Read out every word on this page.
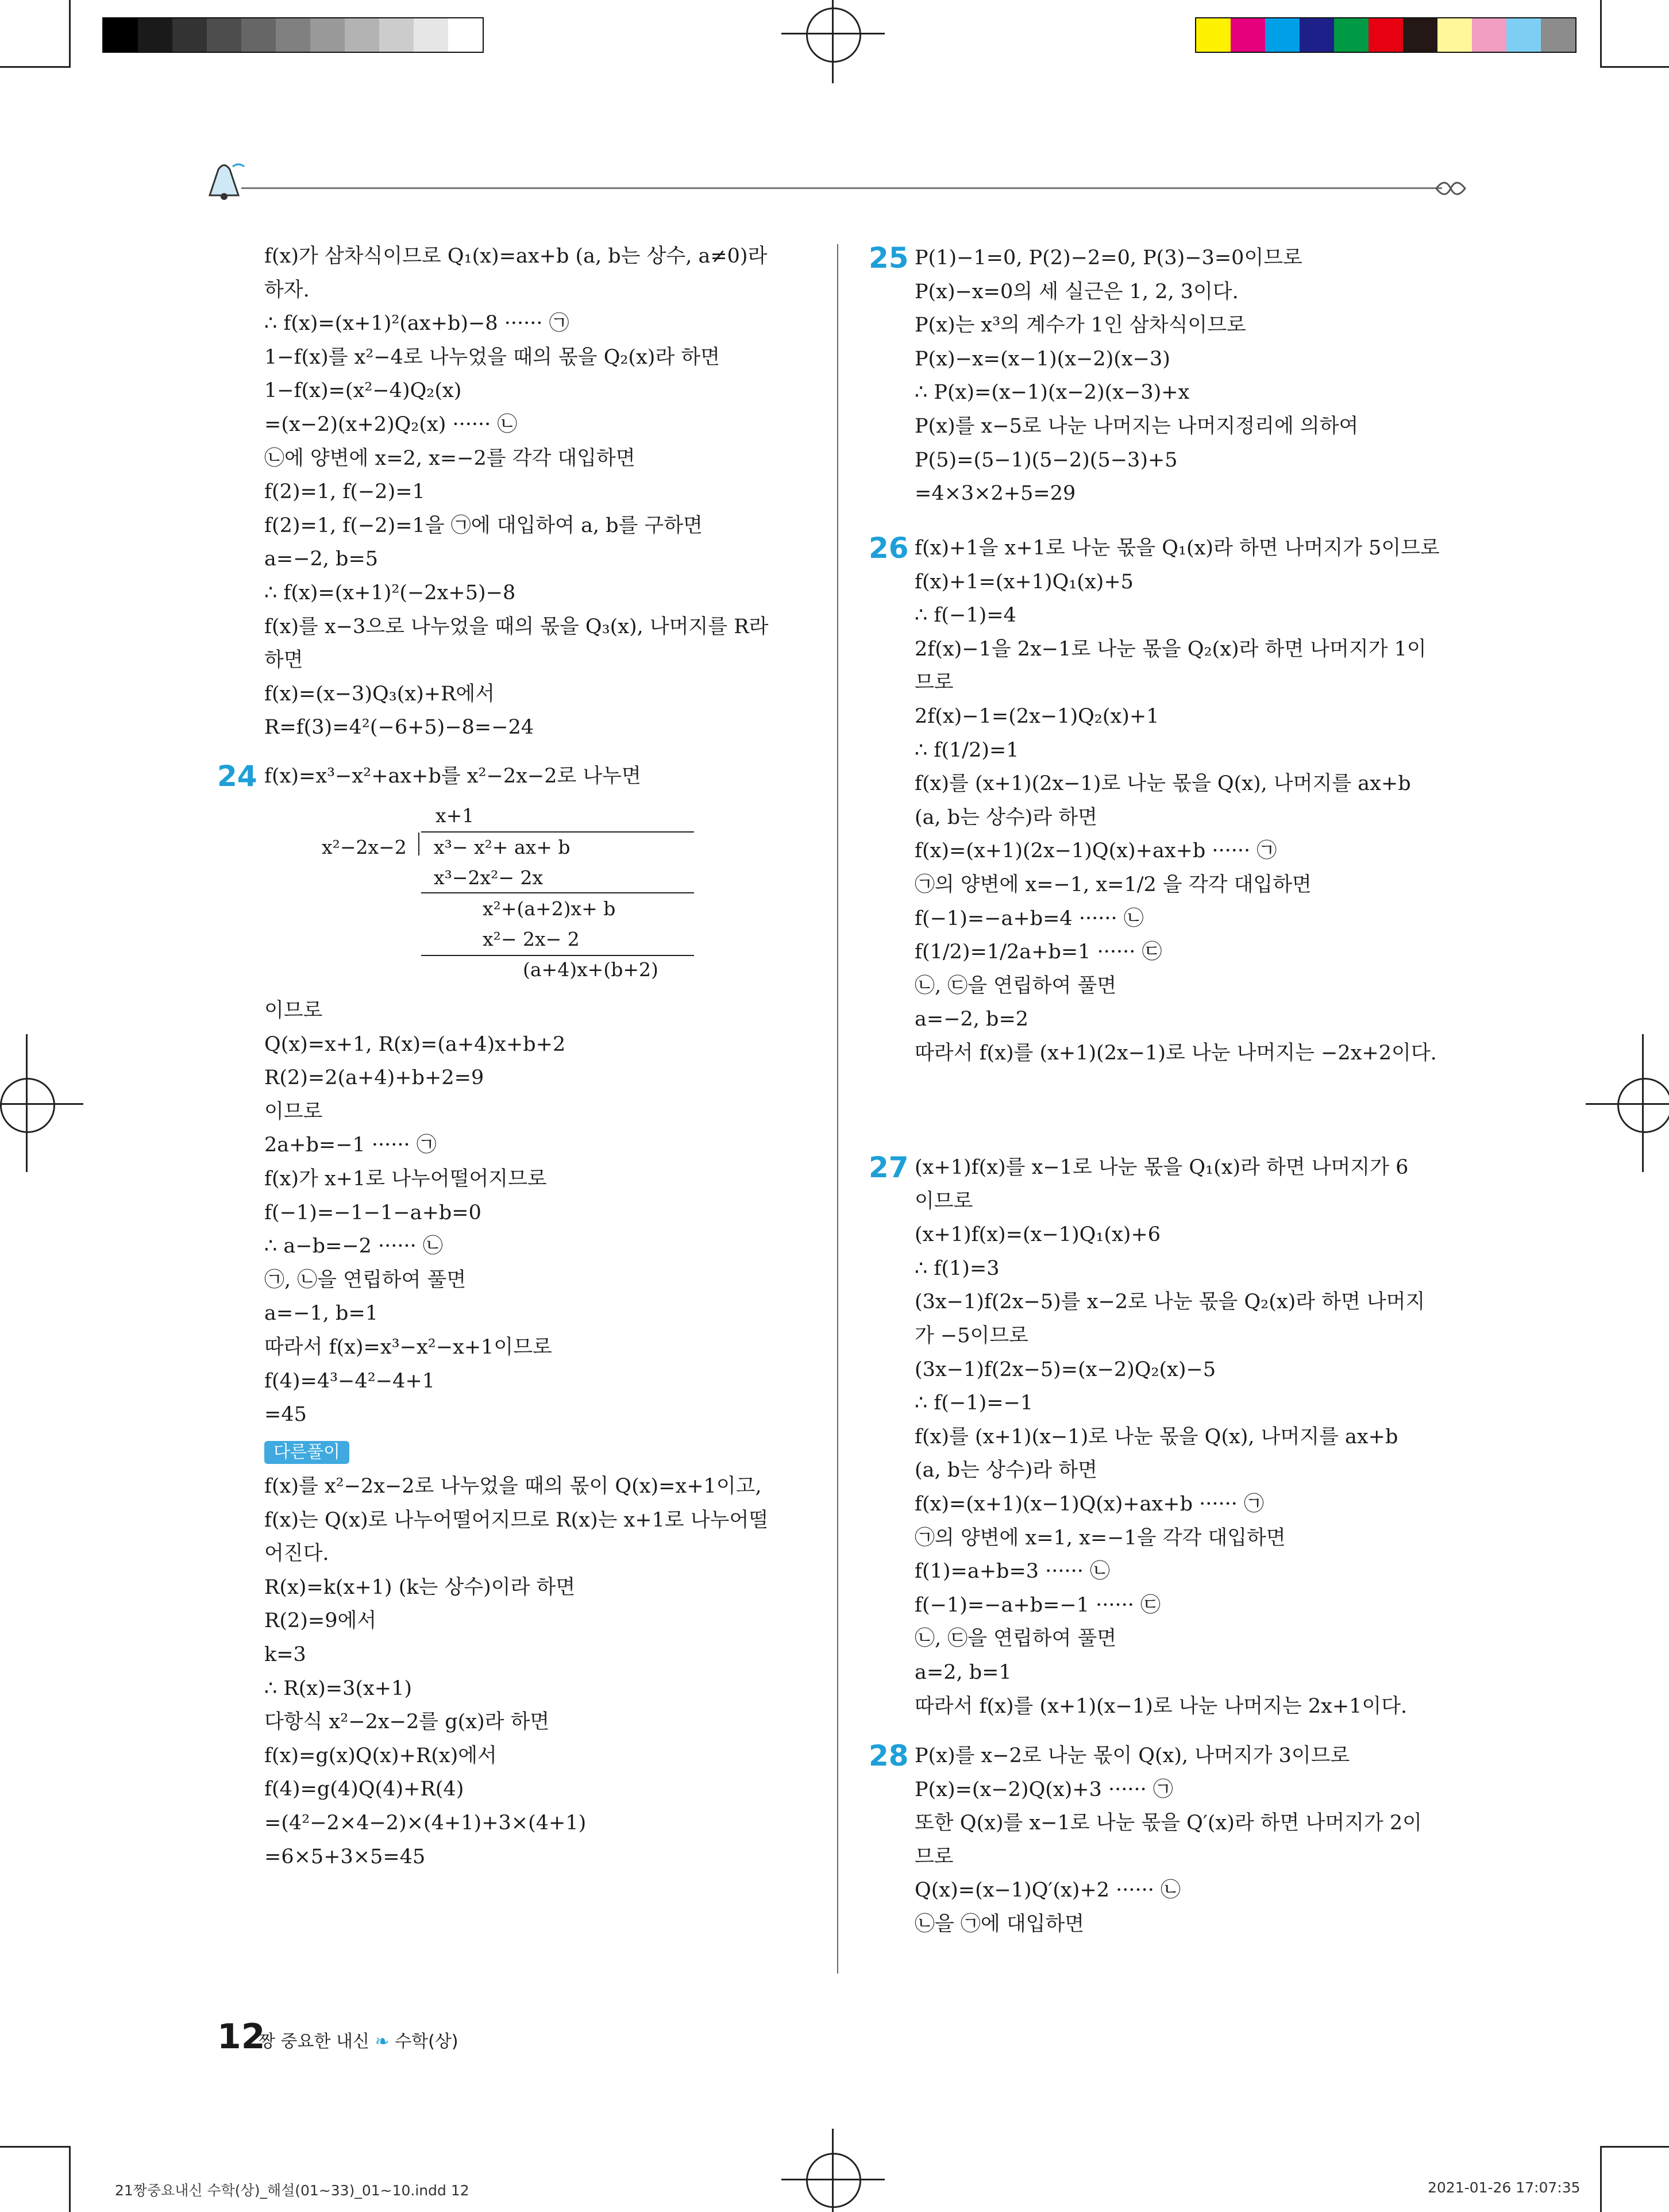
f(x)가 삼차식이므로 Q₁(x)=ax+b (a, b는 상수, a≠0)라
하자.
∴ f(x)=(x+1)²(ax+b)−8 ······ ㉠
1−f(x)를 x²−4로 나누었을 때의 몫을 Q₂(x)라 하면
1−f(x)=(x²−4)Q₂(x)
=(x−2)(x+2)Q₂(x) ······ ㉡
㉡에 양변에 x=2, x=−2를 각각 대입하면
f(2)=1, f(−2)=1
f(2)=1, f(−2)=1을 ㉠에 대입하여 a, b를 구하면
a=−2, b=5
∴ f(x)=(x+1)²(−2x+5)−8
f(x)를 x−3으로 나누었을 때의 몫을 Q₃(x), 나머지를 R라
하면
f(x)=(x−3)Q₃(x)+R에서
R=f(3)=4²(−6+5)−8=−24
24 f(x)=x³−x²+ax+b를 x²−2x−2로 나누면
x+1
x²−2x−2 x³− x²+ ax+ b
x³−2x²− 2x
x²+(a+2)x+ b
x²− 2x− 2
(a+4)x+(b+2)
이므로
Q(x)=x+1, R(x)=(a+4)x+b+2
R(2)=2(a+4)+b+2=9
이므로
2a+b=−1 ······ ㉠
f(x)가 x+1로 나누어떨어지므로
f(−1)=−1−1−a+b=0
∴ a−b=−2 ······ ㉡
㉠, ㉡을 연립하여 풀면
a=−1, b=1
따라서 f(x)=x³−x²−x+1이므로
f(4)=4³−4²−4+1
=45
다른풀이
f(x)를 x²−2x−2로 나누었을 때의 몫이 Q(x)=x+1이고,
f(x)는 Q(x)로 나누어떨어지므로 R(x)는 x+1로 나누어떨
어진다.
R(x)=k(x+1) (k는 상수)이라 하면
R(2)=9에서
k=3
∴ R(x)=3(x+1)
다항식 x²−2x−2를 g(x)라 하면
f(x)=g(x)Q(x)+R(x)에서
f(4)=g(4)Q(4)+R(4)
=(4²−2×4−2)×(4+1)+3×(4+1)
=6×5+3×5=45
25 P(1)−1=0, P(2)−2=0, P(3)−3=0이므로
P(x)−x=0의 세 실근은 1, 2, 3이다.
P(x)는 x³의 계수가 1인 삼차식이므로
P(x)−x=(x−1)(x−2)(x−3)
∴ P(x)=(x−1)(x−2)(x−3)+x
P(x)를 x−5로 나눈 나머지는 나머지정리에 의하여
P(5)=(5−1)(5−2)(5−3)+5
=4×3×2+5=29
26 f(x)+1을 x+1로 나눈 몫을 Q₁(x)라 하면 나머지가 5이므로
f(x)+1=(x+1)Q₁(x)+5
∴ f(−1)=4
2f(x)−1을 2x−1로 나눈 몫을 Q₂(x)라 하면 나머지가 1이
므로
2f(x)−1=(2x−1)Q₂(x)+1
∴ f(1/2)=1
f(x)를 (x+1)(2x−1)로 나눈 몫을 Q(x), 나머지를 ax+b
(a, b는 상수)라 하면
f(x)=(x+1)(2x−1)Q(x)+ax+b ······ ㉠
㉠의 양변에 x=−1, x=1/2 을 각각 대입하면
f(−1)=−a+b=4 ······ ㉡
f(1/2)=1/2a+b=1 ······ ㉢
㉡, ㉢을 연립하여 풀면
a=−2, b=2
따라서 f(x)를 (x+1)(2x−1)로 나눈 나머지는 −2x+2이다.
27 (x+1)f(x)를 x−1로 나눈 몫을 Q₁(x)라 하면 나머지가 6
이므로
(x+1)f(x)=(x−1)Q₁(x)+6
∴ f(1)=3
(3x−1)f(2x−5)를 x−2로 나눈 몫을 Q₂(x)라 하면 나머지
가 −5이므로
(3x−1)f(2x−5)=(x−2)Q₂(x)−5
∴ f(−1)=−1
f(x)를 (x+1)(x−1)로 나눈 몫을 Q(x), 나머지를 ax+b
(a, b는 상수)라 하면
f(x)=(x+1)(x−1)Q(x)+ax+b ······ ㉠
㉠의 양변에 x=1, x=−1을 각각 대입하면
f(1)=a+b=3 ······ ㉡
f(−1)=−a+b=−1 ······ ㉢
㉡, ㉢을 연립하여 풀면
a=2, b=1
따라서 f(x)를 (x+1)(x−1)로 나눈 나머지는 2x+1이다.
28 P(x)를 x−2로 나눈 몫이 Q(x), 나머지가 3이므로
P(x)=(x−2)Q(x)+3 ······ ㉠
또한 Q(x)를 x−1로 나눈 몫을 Q′(x)라 하면 나머지가 2이
므로
Q(x)=(x−1)Q′(x)+2 ······ ㉡
㉡을 ㉠에 대입하면
12
짱 중요한 내신 ❧ 수학(상)
21짱중요내신 수학(상)_해설(01~33)_01~10.indd 12	2021-01-26 17:07:35
